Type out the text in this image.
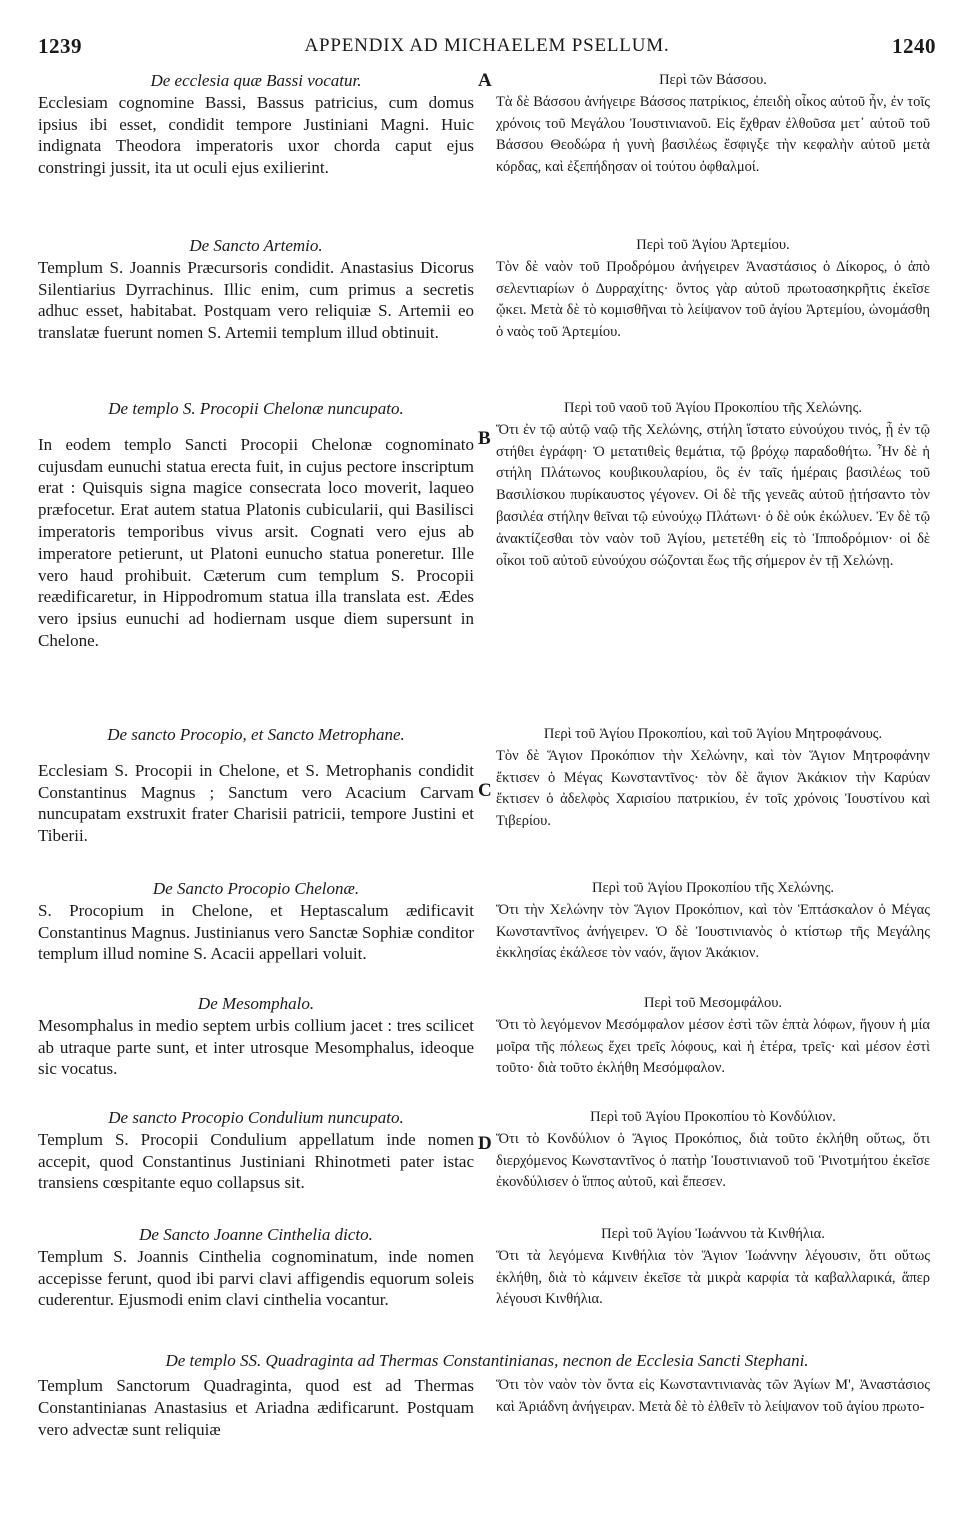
1239	APPENDIX AD MICHAELEM PSELLUM.	1240
A
B
C
D
De ecclesia quæ Bassi vocatur.
Ecclesiam cognomine Bassi, Bassus patricius, cum domus ipsius ibi esset, condidit tempore Justiniani Magni. Huic indignata Theodora imperatoris uxor chorda caput ejus constringi jussit, ita ut oculi ejus exilierint.
De Sancto Artemio.
Templum S. Joannis Præcursoris condidit. Anastasius Dicorus Silentiarius Dyrrachinus. Illic enim, cum primus a secretis adhuc esset, habitabat. Postquam vero reliquiæ S. Artemii eo translatæ fuerunt nomen S. Artemii templum illud obtinuit.
De templo S. Procopii Chelonæ nuncupato.
In eodem templo Sancti Procopii Chelonæ cognominato cujusdam eunuchi statua erecta fuit, in cujus pectore inscriptum erat : Quisquis signa magice consecrata loco moverit, laqueo præfocetur. Erat autem statua Platonis cubicularii, qui Basilisci imperatoris temporibus vivus arsit. Cognati vero ejus ab imperatore petierunt, ut Platoni eunucho statua poneretur. Ille vero haud prohibuit. Cæterum cum templum S. Procopii reædificaretur, in Hippodromum statua illa translata est. Ædes vero ipsius eunuchi ad hodiernam usque diem supersunt in Chelone.
De sancto Procopio, et Sancto Metrophane.
Ecclesiam S. Procopii in Chelone, et S. Metrophanis condidit Constantinus Magnus ; Sanctum vero Acacium Carvam nuncupatam exstruxit frater Charisii patricii, tempore Justini et Tiberii.
De Sancto Procopio Chelonæ.
S. Procopium in Chelone, et Heptascalum ædificavit Constantinus Magnus. Justinianus vero Sanctæ Sophiæ conditor templum illud nomine S. Acacii appellari voluit.
De Mesomphalo.
Mesomphalus in medio septem urbis collium jacet : tres scilicet ab utraque parte sunt, et inter utrosque Mesomphalus, ideoque sic vocatus.
De sancto Procopio Condulium nuncupato.
Templum S. Procopii Condulium appellatum inde nomen accepit, quod Constantinus Justiniani Rhinotmeti pater istac transiens cœspitante equo collapsus sit.
De Sancto Joanne Cinthelia dicto.
Templum S. Joannis Cinthelia cognominatum, inde nomen accepisse ferunt, quod ibi parvi clavi affigendis equorum soleis cuderentur. Ejusmodi enim clavi cinthelia vocantur.
De templo SS. Quadraginta ad Thermas Constantinianas, necnon de Ecclesia Sancti Stephani.
Templum Sanctorum Quadraginta, quod est ad Thermas Constantinianas Anastasius et Ariadna ædificarunt. Postquam vero advectæ sunt reliquiæ
Περὶ τῶν Βάσσου.
Τὰ δὲ Βάσσου ἀνήγειρε Βάσσος πατρίκιος, ἐπειδὴ οἶκος αὐτοῦ ἦν, ἐν τοῖς χρόνοις τοῦ Μεγάλου Ἰουστινιανοῦ. Εἰς ἔχθραν ἐλθοῦσα μετ᾽ αὐτοῦ τοῦ Βάσσου Θεοδώρα ἡ γυνὴ βασιλέως ἔσφιγξε τὴν κεφαλὴν αὐτοῦ μετὰ κόρδας, καὶ ἐξεπήδησαν οἱ τούτου ὀφθαλμοί.
Περὶ τοῦ Ἁγίου Ἀρτεμίου.
Τὸν δὲ ναὸν τοῦ Προδρόμου ἀνήγειρεν Ἀναστάσιος ὁ Δίκορος, ὁ ἀπὸ σελεντιαρίων ὁ Δυρραχίτης· ὄντος γὰρ αὐτοῦ πρωτοασηκρῆτις ἐκεῖσε ᾤκει. Μετὰ δὲ τὸ κομισθῆναι τὸ λείψανον τοῦ ἁγίου Ἀρτεμίου, ὠνομάσθη ὁ ναὸς τοῦ Ἀρτεμίου.
Περὶ τοῦ ναοῦ τοῦ Ἁγίου Προκοπίου τῆς Χελώνης.
Ὅτι ἐν τῷ αὐτῷ ναῷ τῆς Χελώνης, στήλη ἵστατο εὐνούχου τινός, ᾗ ἐν τῷ στήθει ἐγράφη· Ὁ μετατιθεὶς θεμάτια, τῷ βρόχῳ παραδοθήτω. Ἦν δὲ ἡ στήλη Πλάτωνος κουβικουλαρίου, ὃς ἐν ταῖς ἡμέραις βασιλέως τοῦ Βασιλίσκου πυρίκαυστος γέγονεν. Οἱ δὲ τῆς γενεᾶς αὐτοῦ ᾐτήσαντο τὸν βασιλέα στήλην θεῖναι τῷ εὐνούχῳ Πλάτωνι· ὁ δὲ οὐκ ἐκώλυεν. Ἐν δὲ τῷ ἀνακτίζεσθαι τὸν ναὸν τοῦ Ἁγίου, μετετέθη εἰς τὸ Ἱπποδρόμιον· οἱ δὲ οἶκοι τοῦ αὐτοῦ εὐνούχου σώζονται ἕως τῆς σήμερον ἐν τῇ Χελώνῃ.
Περὶ τοῦ Ἁγίου Προκοπίου, καὶ τοῦ Ἁγίου Μητροφάνους.
Τὸν δὲ Ἅγιον Προκόπιον τὴν Χελώνην, καὶ τὸν Ἅγιον Μητροφάνην ἔκτισεν ὁ Μέγας Κωνσταντῖνος· τὸν δὲ ἅγιον Ἀκάκιον τὴν Καρύαν ἔκτισεν ὁ ἀδελφὸς Χαρισίου πατρικίου, ἐν τοῖς χρόνοις Ἰουστίνου καὶ Τιβερίου.
Περὶ τοῦ Ἁγίου Προκοπίου τῆς Χελώνης.
Ὅτι τὴν Χελώνην τὸν Ἅγιον Προκόπιον, καὶ τὸν Ἑπτάσκαλον ὁ Μέγας Κωνσταντῖνος ἀνήγειρεν. Ὁ δὲ Ἰουστινιανὸς ὁ κτίστωρ τῆς Μεγάλης ἐκκλησίας ἐκάλεσε τὸν ναόν, ἅγιον Ἀκάκιον.
Περὶ τοῦ Μεσομφάλου.
Ὅτι τὸ λεγόμενον Μεσόμφαλον μέσον ἐστὶ τῶν ἑπτὰ λόφων, ἤγουν ἡ μία μοῖρα τῆς πόλεως ἔχει τρεῖς λόφους, καὶ ἡ ἑτέρα, τρεῖς· καὶ μέσον ἐστὶ τοῦτο· διὰ τοῦτο ἐκλήθη Μεσόμφαλον.
Περὶ τοῦ Ἁγίου Προκοπίου τὸ Κονδύλιον.
Ὅτι τὸ Κονδύλιον ὁ Ἅγιος Προκόπιος, διὰ τοῦτο ἐκλήθη οὕτως, ὅτι διερχόμενος Κωνσταντῖνος ὁ πατὴρ Ἰουστινιανοῦ τοῦ Ῥινοτμήτου ἐκεῖσε ἐκονδύλισεν ὁ ἵππος αὐτοῦ, καὶ ἔπεσεν.
Περὶ τοῦ Ἁγίου Ἰωάννου τὰ Κινθήλια.
Ὅτι τὰ λεγόμενα Κινθήλια τὸν Ἅγιον Ἰωάννην λέγουσιν, ὅτι οὕτως ἐκλήθη, διὰ τὸ κάμνειν ἐκεῖσε τὰ μικρὰ καρφία τὰ καβαλλαρικά, ἅπερ λέγουσι Κινθήλια.
Ὅτι τὸν ναὸν τὸν ὄντα εἰς Κωνσταντινιανὰς τῶν Ἁγίων Μ', Ἀναστάσιος καὶ Ἀριάδνη ἀνήγειραν. Μετὰ δὲ τὸ ἐλθεῖν τὸ λείψανον τοῦ ἁγίου πρωτο-
